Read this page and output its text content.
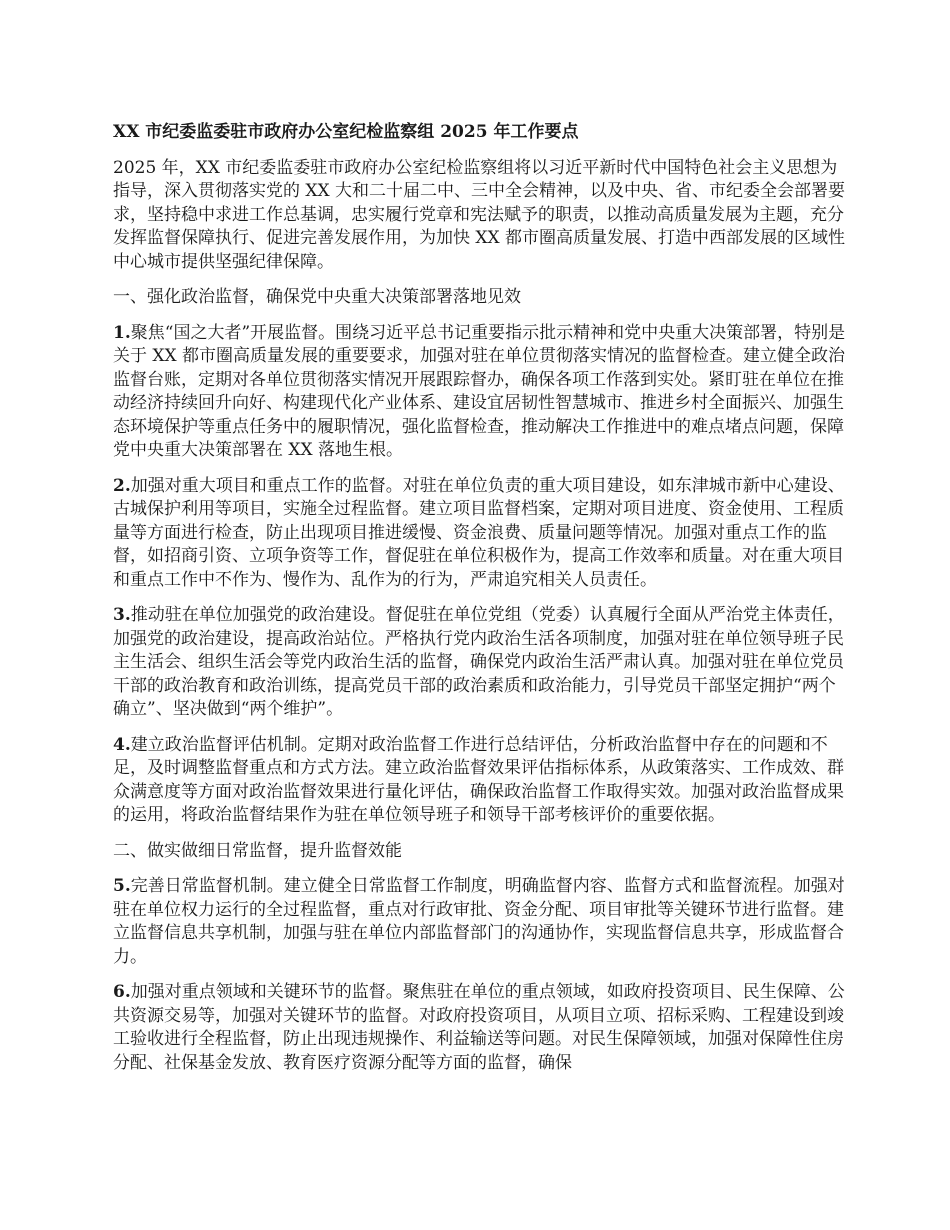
XX 市纪委监委驻市政府办公室纪检监察组 2025 年工作要点
2025 年，XX 市纪委监委驻市政府办公室纪检监察组将以习近平新时代中国特色社会主义思想为指导，深入贯彻落实党的 XX 大和二十届二中、三中全会精神，以及中央、省、市纪委全会部署要求，坚持稳中求进工作总基调，忠实履行党章和宪法赋予的职责，以推动高质量发展为主题，充分发挥监督保障执行、促进完善发展作用，为加快 XX 都市圈高质量发展、打造中西部发展的区域性中心城市提供坚强纪律保障。
一、强化政治监督，确保党中央重大决策部署落地见效
1.聚焦“国之大者”开展监督。围绕习近平总书记重要指示批示精神和党中央重大决策部署，特别是关于 XX 都市圈高质量发展的重要要求，加强对驻在单位贯彻落实情况的监督检查。建立健全政治监督台账，定期对各单位贯彻落实情况开展跟踪督办，确保各项工作落到实处。紧盯驻在单位在推动经济持续回升向好、构建现代化产业体系、建设宜居韧性智慧城市、推进乡村全面振兴、加强生态环境保护等重点任务中的履职情况，强化监督检查，推动解决工作推进中的难点堵点问题，保障党中央重大决策部署在 XX 落地生根。
2.加强对重大项目和重点工作的监督。对驻在单位负责的重大项目建设，如东津城市新中心建设、古城保护利用等项目，实施全过程监督。建立项目监督档案，定期对项目进度、资金使用、工程质量等方面进行检查，防止出现项目推进缓慢、资金浪费、质量问题等情况。加强对重点工作的监督，如招商引资、立项争资等工作，督促驻在单位积极作为，提高工作效率和质量。对在重大项目和重点工作中不作为、慢作为、乱作为的行为，严肃追究相关人员责任。
3.推动驻在单位加强党的政治建设。督促驻在单位党组（党委）认真履行全面从严治党主体责任，加强党的政治建设，提高政治站位。严格执行党内政治生活各项制度，加强对驻在单位领导班子民主生活会、组织生活会等党内政治生活的监督，确保党内政治生活严肃认真。加强对驻在单位党员干部的政治教育和政治训练，提高党员干部的政治素质和政治能力，引导党员干部坚定拥护“两个确立”、坚决做到“两个维护”。
4.建立政治监督评估机制。定期对政治监督工作进行总结评估，分析政治监督中存在的问题和不足，及时调整监督重点和方式方法。建立政治监督效果评估指标体系，从政策落实、工作成效、群众满意度等方面对政治监督效果进行量化评估，确保政治监督工作取得实效。加强对政治监督成果的运用，将政治监督结果作为驻在单位领导班子和领导干部考核评价的重要依据。
二、做实做细日常监督，提升监督效能
5.完善日常监督机制。建立健全日常监督工作制度，明确监督内容、监督方式和监督流程。加强对驻在单位权力运行的全过程监督，重点对行政审批、资金分配、项目审批等关键环节进行监督。建立监督信息共享机制，加强与驻在单位内部监督部门的沟通协作，实现监督信息共享，形成监督合力。
6.加强对重点领域和关键环节的监督。聚焦驻在单位的重点领域，如政府投资项目、民生保障、公共资源交易等，加强对关键环节的监督。对政府投资项目，从项目立项、招标采购、工程建设到竣工验收进行全程监督，防止出现违规操作、利益输送等问题。对民生保障领域，加强对保障性住房分配、社保基金发放、教育医疗资源分配等方面的监督，确保
